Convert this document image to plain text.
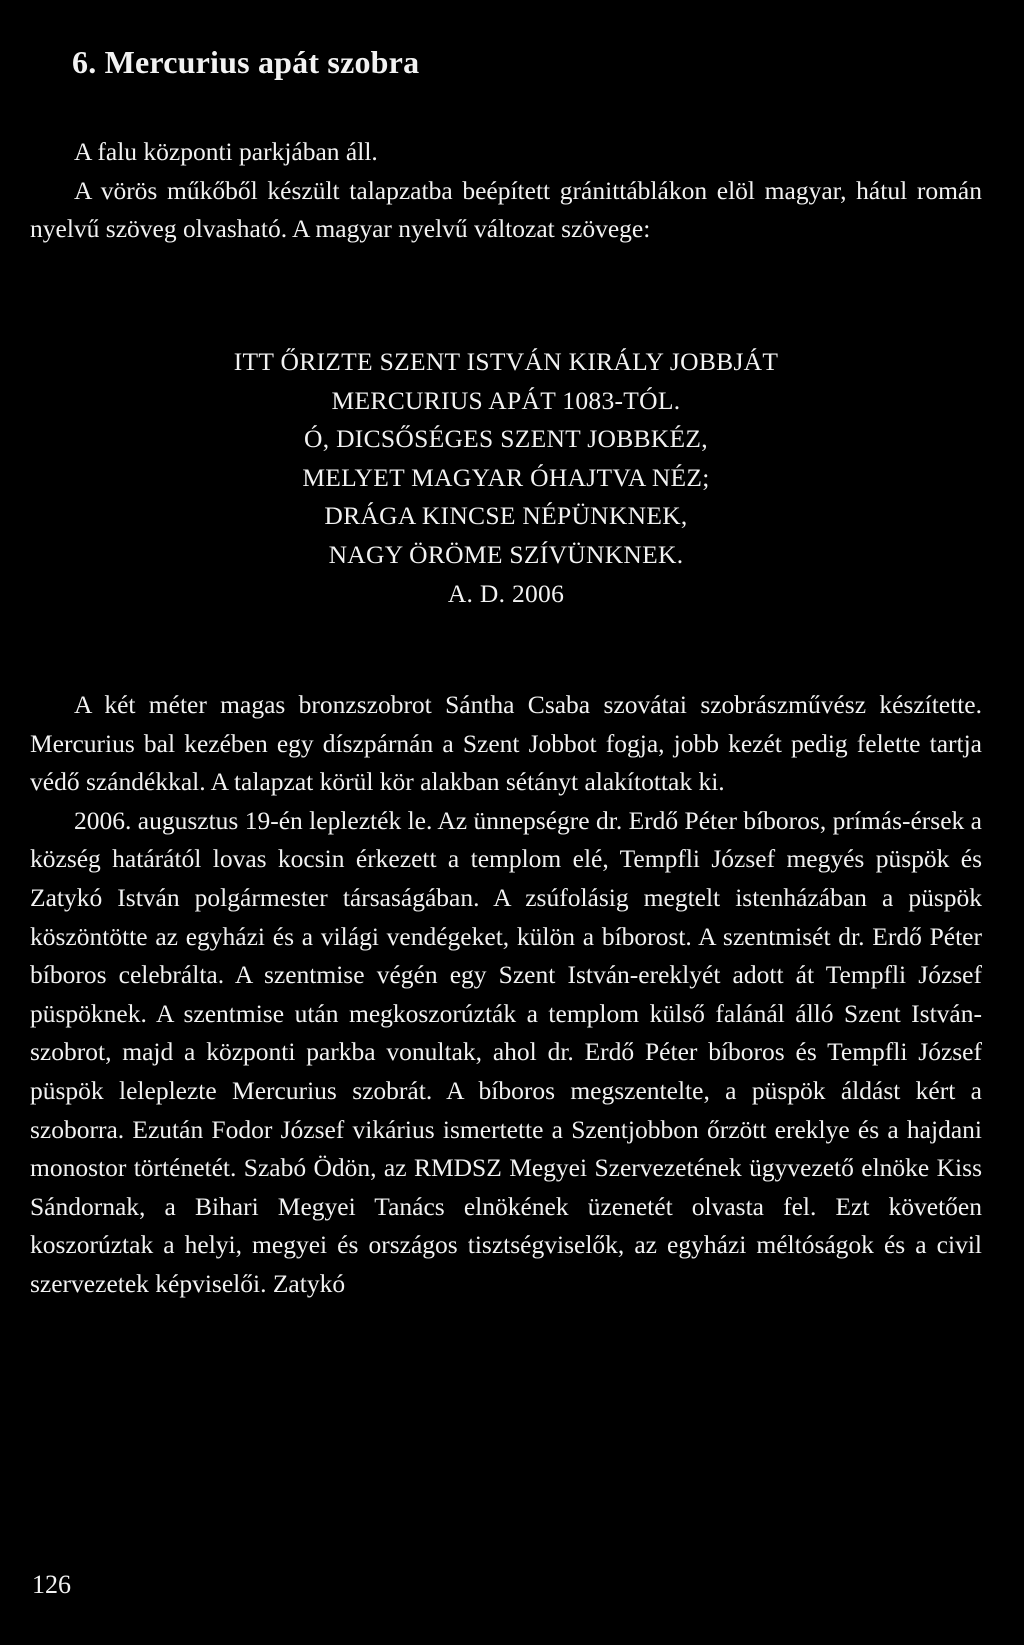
6. Mercurius apát szobra

A falu központi parkjában áll.

A vörös műkőből készült talapzatba beépített gránittáblákon elöl magyar, hátul román nyelvű szöveg olvasható. A magyar nyelvű változat szövege:

ITT ŐRIZTE SZENT ISTVÁN KIRÁLY JOBBJÁT
MERCURIUS APÁT 1083-TÓL.
Ó, DICSŐSÉGES SZENT JOBBKÉZ,
MELYET MAGYAR ÓHAJTVA NÉZ;
DRÁGA KINCSE NÉPÜNKNEK,
NAGY ÖRÖME SZÍVÜNKNEK.
A. D. 2006

A két méter magas bronzszobrot Sántha Csaba szovátai szobrászművész készítette. Mercurius bal kezében egy díszpárnán a Szent Jobbot fogja, jobb kezét pedig felette tartja védő szándékkal. A talapzat körül kör alakban sétányt alakítottak ki.

2006. augusztus 19-én leplezték le. Az ünnepségre dr. Erdő Péter bíboros, prímás-érsek a község határától lovas kocsin érkezett a templom elé, Tempfli József megyés püspök és Zatykó István polgármester társaságában. A zsúfolásig megtelt istenházában a püspök köszöntötte az egyházi és a világi vendégeket, külön a bíborost. A szentmisét dr. Erdő Péter bíboros celebrálta. A szentmise végén egy Szent István-ereklyét adott át Tempfli József püspöknek. A szentmise után megkoszorúzták a templom külső falánál álló Szent István-szobrot, majd a központi parkba vonultak, ahol dr. Erdő Péter bíboros és Tempfli József püspök leleplezte Mercurius szobrát. A bíboros megszentelte, a püspök áldást kért a szoborra. Ezután Fodor József vikárius ismertette a Szentjobbon őrzött ereklye és a hajdani monostor történetét. Szabó Ödön, az RMDSZ Megyei Szervezetének ügyvezető elnöke Kiss Sándornak, a Bihari Megyei Tanács elnökének üzenetét olvasta fel. Ezt követően koszorúztak a helyi, megyei és országos tisztségviselők, az egyházi méltóságok és a civil szervezetek képviselői. Zatykó

126
